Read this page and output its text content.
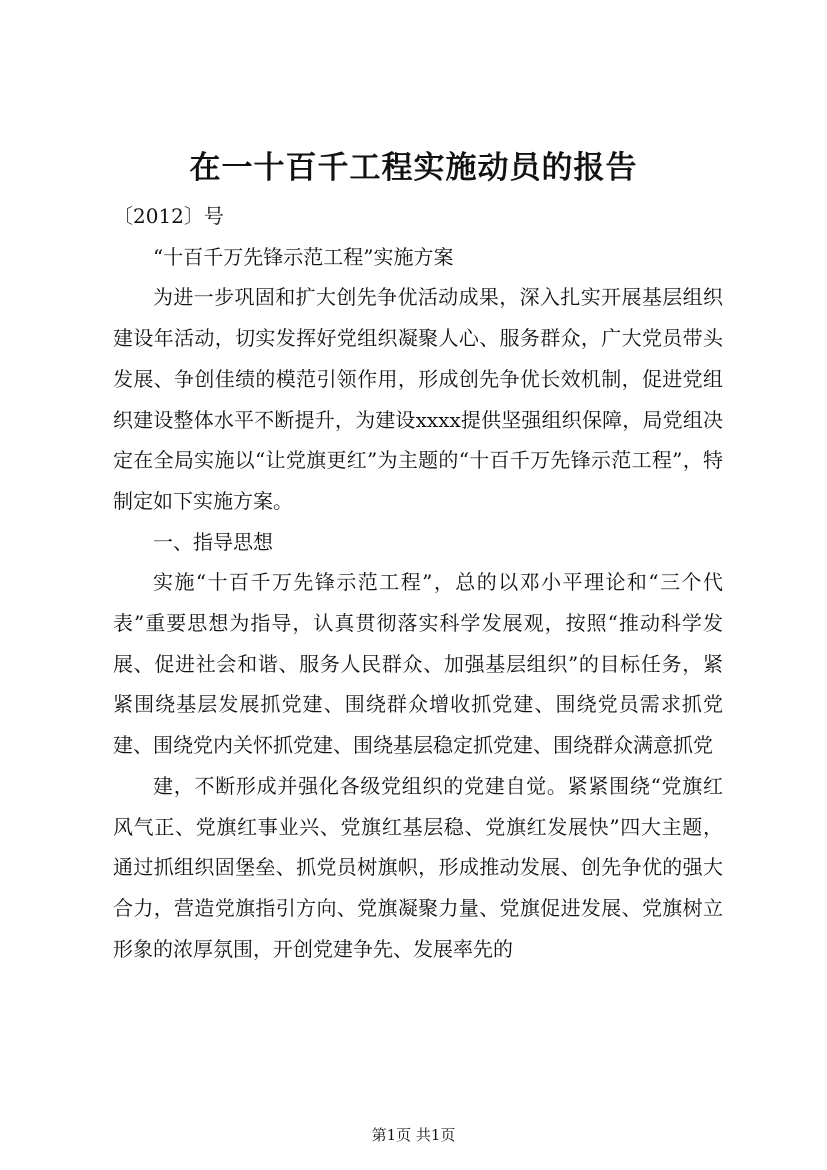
在一十百千工程实施动员的报告

〔2012〕号

“十百千万先锋示范工程”实施方案

为进一步巩固和扩大创先争优活动成果，深入扎实开展基层组织建设年活动，切实发挥好党组织凝聚人心、服务群众，广大党员带头发展、争创佳绩的模范引领作用，形成创先争优长效机制，促进党组织建设整体水平不断提升，为建设xxxx提供坚强组织保障，局党组决定在全局实施以“让党旗更红”为主题的“十百千万先锋示范工程”，特制定如下实施方案。

一、指导思想

实施“十百千万先锋示范工程”，总的以邓小平理论和“三个代表”重要思想为指导，认真贯彻落实科学发展观，按照“推动科学发展、促进社会和谐、服务人民群众、加强基层组织”的目标任务，紧紧围绕基层发展抓党建、围绕群众增收抓党建、围绕党员需求抓党建、围绕党内关怀抓党建、围绕基层稳定抓党建、围绕群众满意抓党

建，不断形成并强化各级党组织的党建自觉。紧紧围绕“党旗红风气正、党旗红事业兴、党旗红基层稳、党旗红发展快”四大主题，通过抓组织固堡垒、抓党员树旗帜，形成推动发展、创先争优的强大合力，营造党旗指引方向、党旗凝聚力量、党旗促进发展、党旗树立形象的浓厚氛围，开创党建争先、发展率先的

第1页 共1页
